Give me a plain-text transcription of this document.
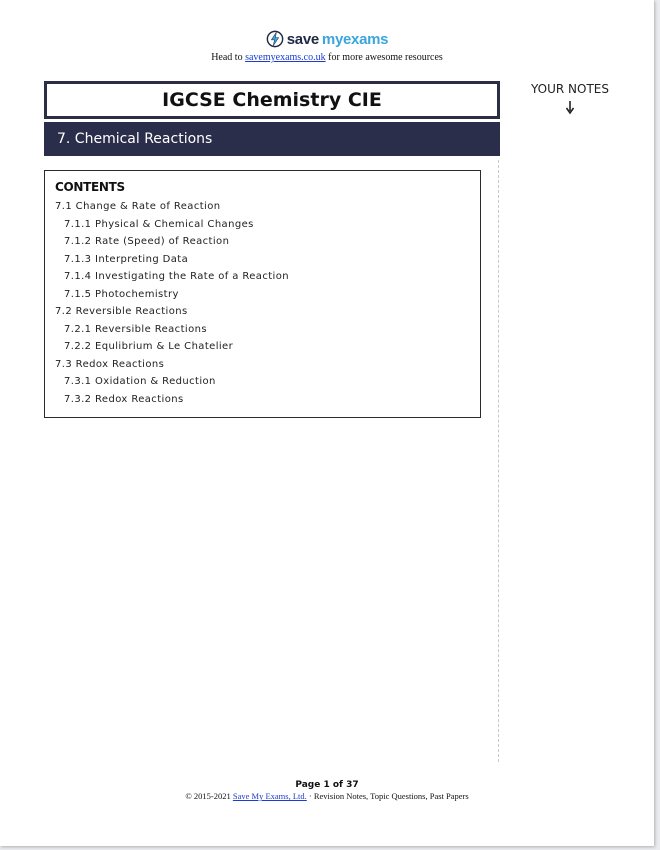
save myexams
Head to savemyexams.co.uk for more awesome resources
IGCSE Chemistry CIE
7. Chemical Reactions
YOUR NOTES
CONTENTS
7.1 Change & Rate of Reaction
7.1.1 Physical & Chemical Changes
7.1.2 Rate (Speed) of Reaction
7.1.3 Interpreting Data
7.1.4 Investigating the Rate of a Reaction
7.1.5 Photochemistry
7.2 Reversible Reactions
7.2.1 Reversible Reactions
7.2.2 Equlibrium & Le Chatelier
7.3 Redox Reactions
7.3.1 Oxidation & Reduction
7.3.2 Redox Reactions
Page 1 of 37
© 2015-2021 Save My Exams, Ltd. · Revision Notes, Topic Questions, Past Papers
